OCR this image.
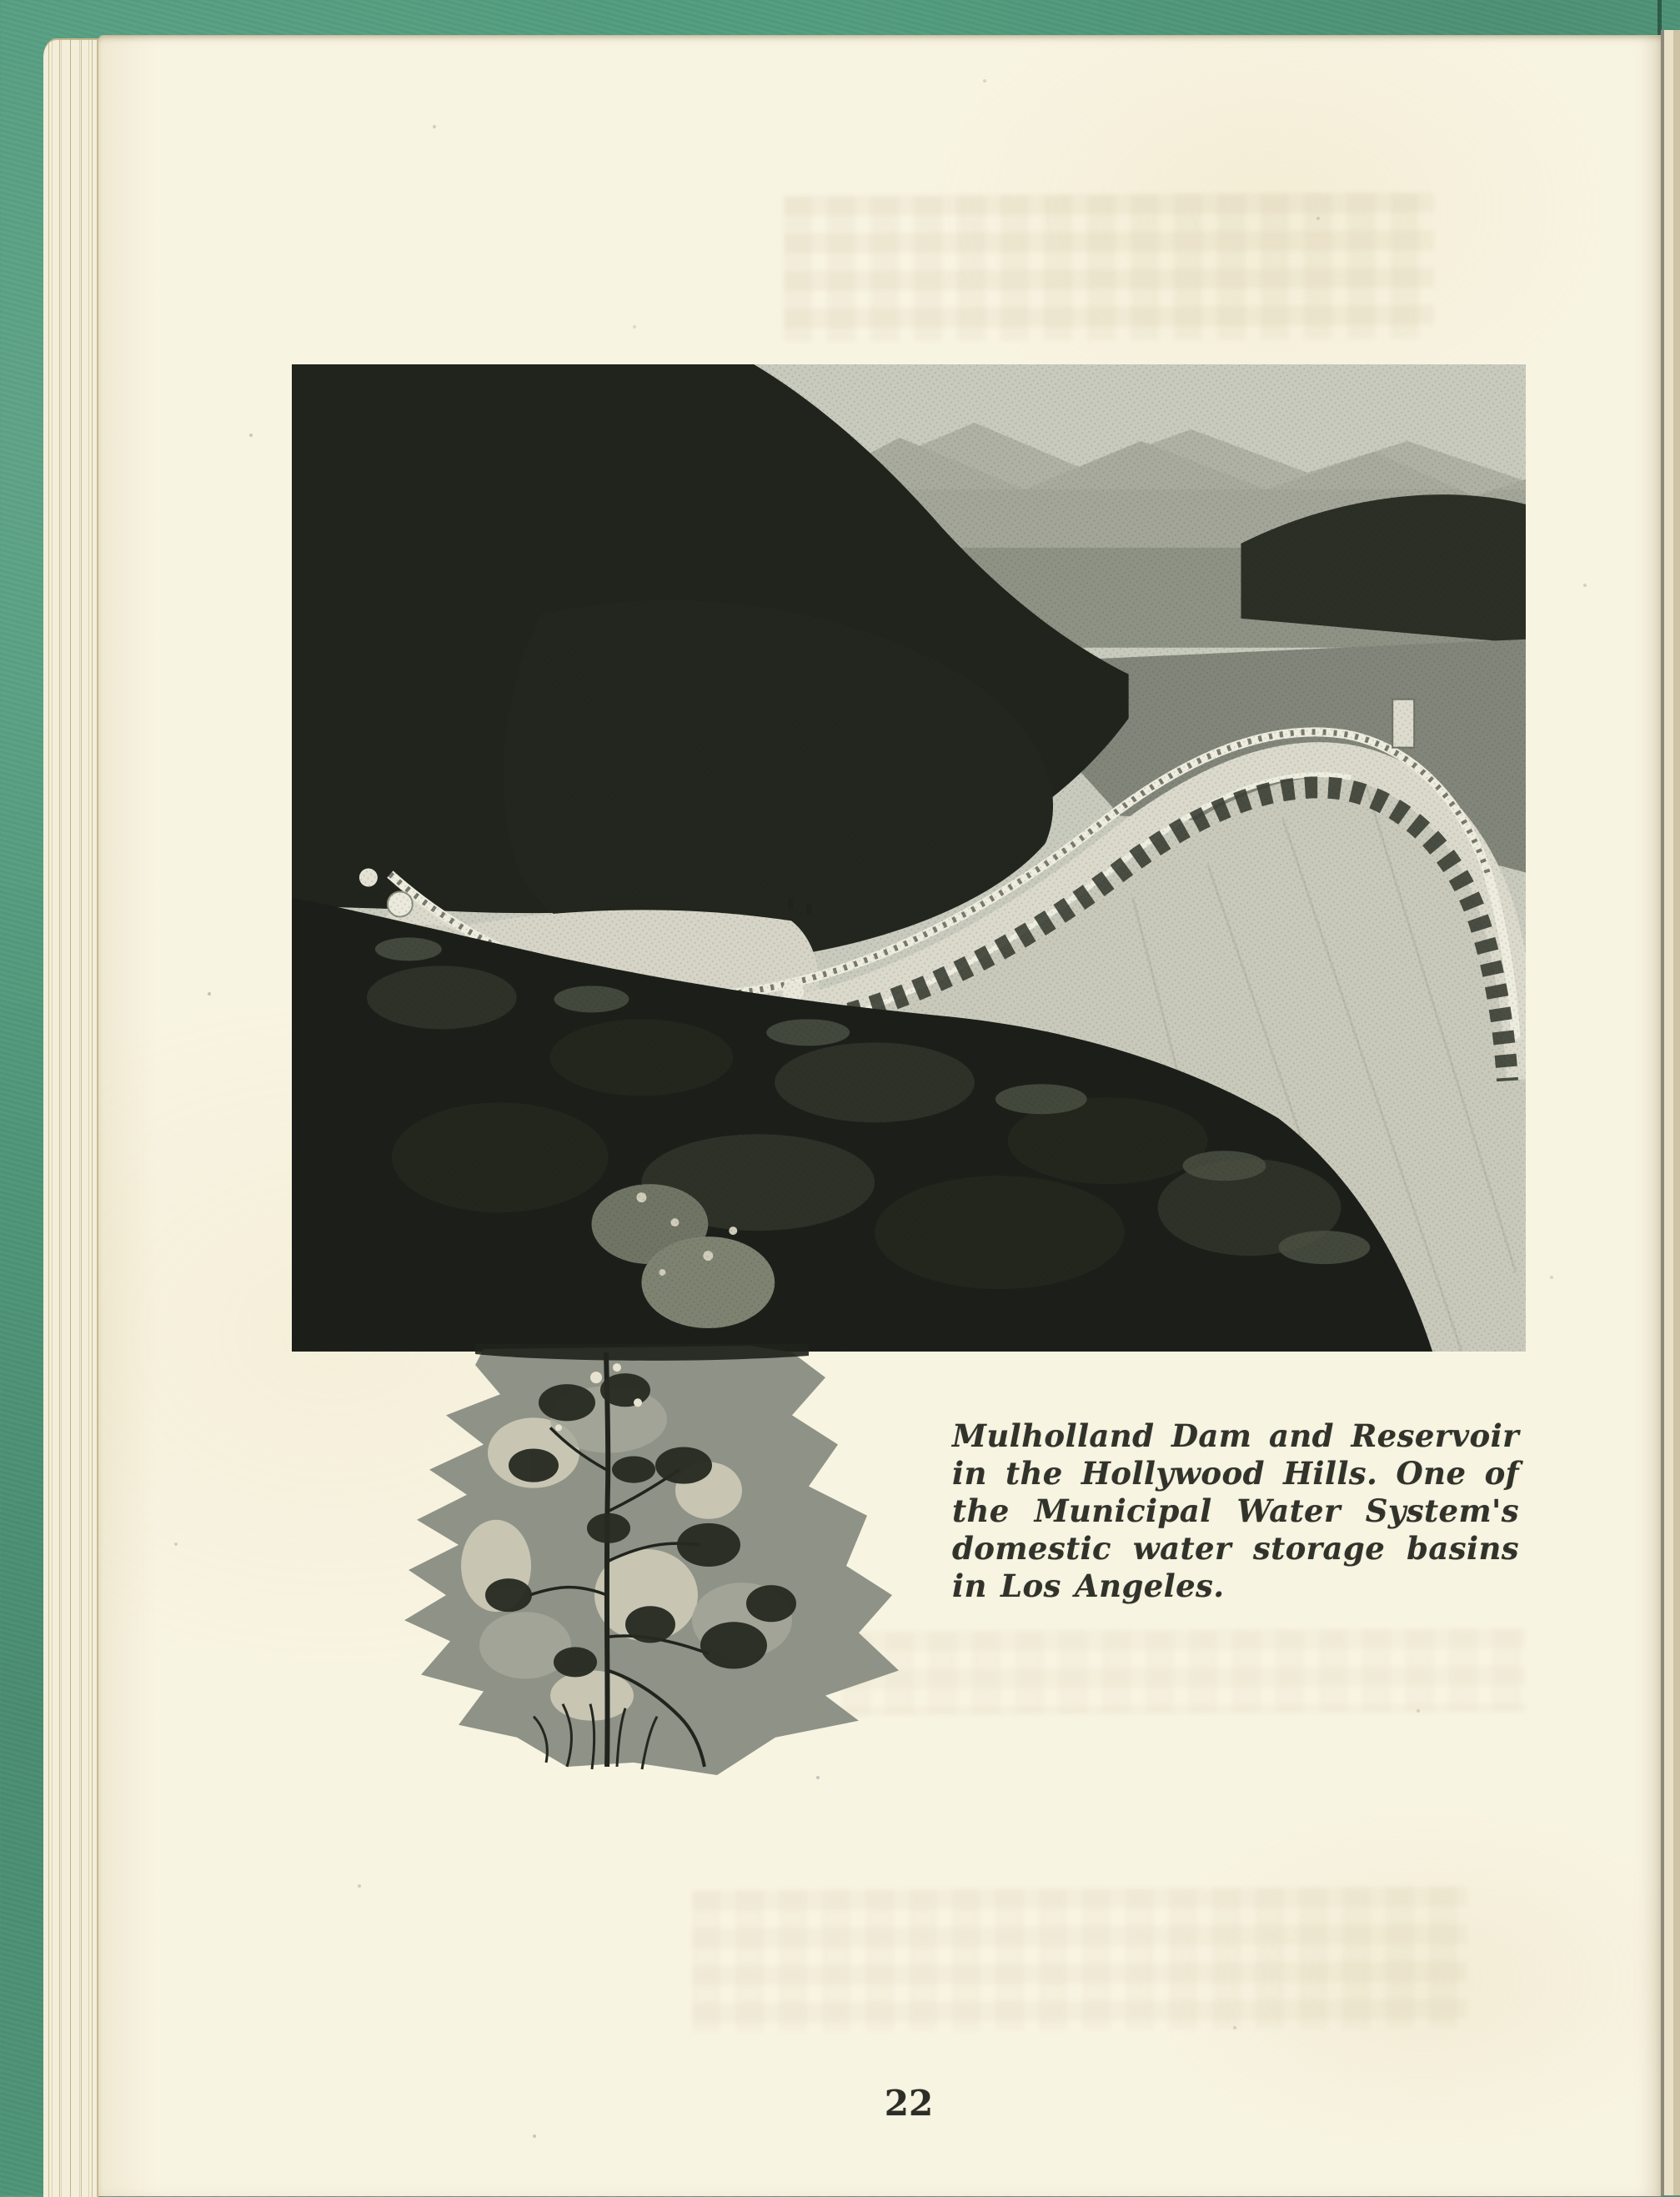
Mulholland Dam and Reservoir
in the Hollywood Hills. One of
the Municipal Water System's
domestic water storage basins
in Los Angeles.
22
